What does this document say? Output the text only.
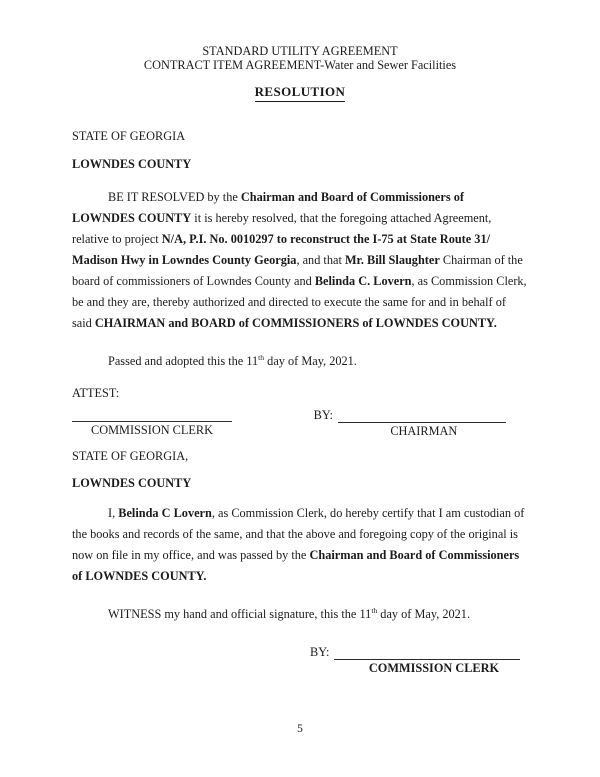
STANDARD UTILITY AGREEMENT
CONTRACT ITEM AGREEMENT-Water and Sewer Facilities
RESOLUTION
STATE OF GEORGIA
LOWNDES COUNTY

BE IT RESOLVED by the Chairman and Board of Commissioners of LOWNDES COUNTY it is hereby resolved, that the foregoing attached Agreement, relative to project N/A, P.I. No. 0010297 to reconstruct the I-75 at State Route 31/ Madison Hwy in Lowndes County Georgia, and that Mr. Bill Slaughter Chairman of the board of commissioners of Lowndes County and Belinda C. Lovern, as Commission Clerk, be and they are, thereby authorized and directed to execute the same for and in behalf of said CHAIRMAN and BOARD of COMMISSIONERS of LOWNDES COUNTY.

Passed and adopted this the 11th day of May, 2021.

ATTEST:
COMMISSION CLERK
BY:
CHAIRMAN
STATE OF GEORGIA,
LOWNDES COUNTY

I, Belinda C Lovern, as Commission Clerk, do hereby certify that I am custodian of the books and records of the same, and that the above and foregoing copy of the original is now on file in my office, and was passed by the Chairman and Board of Commissioners of LOWNDES COUNTY.

WITNESS my hand and official signature, this the 11th day of May, 2021.

BY:
COMMISSION CLERK
5
